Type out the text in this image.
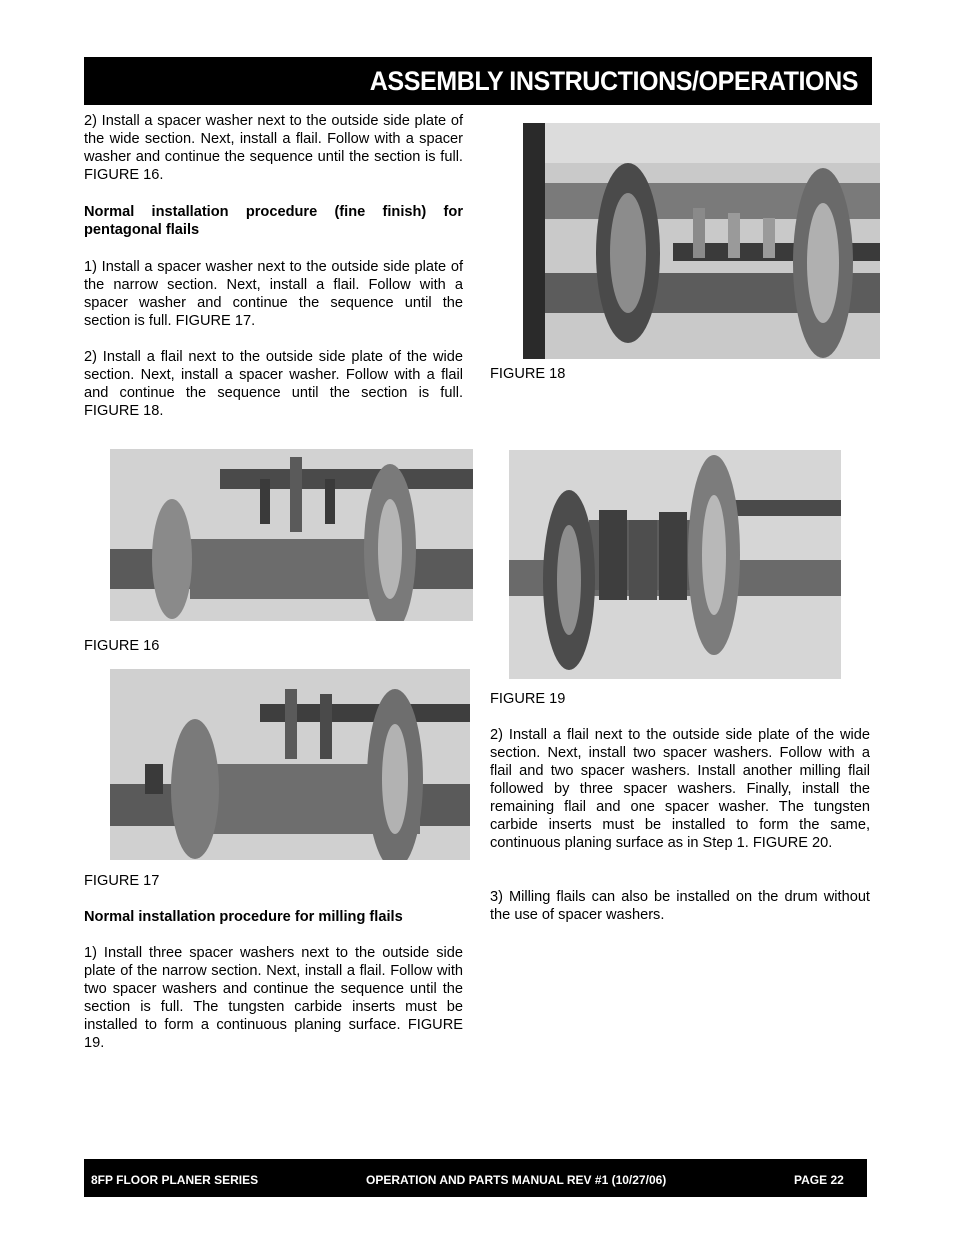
ASSEMBLY INSTRUCTIONS/OPERATIONS
2) Install a spacer washer next to the outside side plate of the wide section. Next, install a flail. Follow with a spacer washer and continue the sequence until the section is full. FIGURE 16.
Normal installation procedure (fine finish) for pentagonal flails
1) Install a spacer washer next to the outside side plate of the narrow section. Next, install a flail. Follow with a spacer washer and continue the sequence until the section is full. FIGURE 17.
2) Install a flail next to the outside side plate of the wide section. Next, install a spacer washer. Follow with a flail and continue the sequence until the section is full. FIGURE 18.
FIGURE 18
FIGURE 16
FIGURE 19
FIGURE 17
Normal installation procedure for milling flails
1) Install three spacer washers next to the outside side plate of the narrow section. Next, install a flail. Follow with two spacer washers and continue the sequence until the section is full. The tungsten carbide inserts must be installed to form a continuous planing surface. FIGURE 19.
2) Install a flail next to the outside side plate of the wide section. Next, install two spacer washers. Follow with a flail and two spacer washers. Install another milling flail followed by three spacer washers. Finally, install the remaining flail and one spacer washer. The tungsten carbide inserts must be installed to form the same, continuous planing surface as in Step 1. FIGURE 20.
3) Milling flails can also be installed on the drum without the use of spacer washers.
8FP FLOOR PLANER SERIES	OPERATION AND PARTS MANUAL REV #1 (10/27/06)	PAGE 22
